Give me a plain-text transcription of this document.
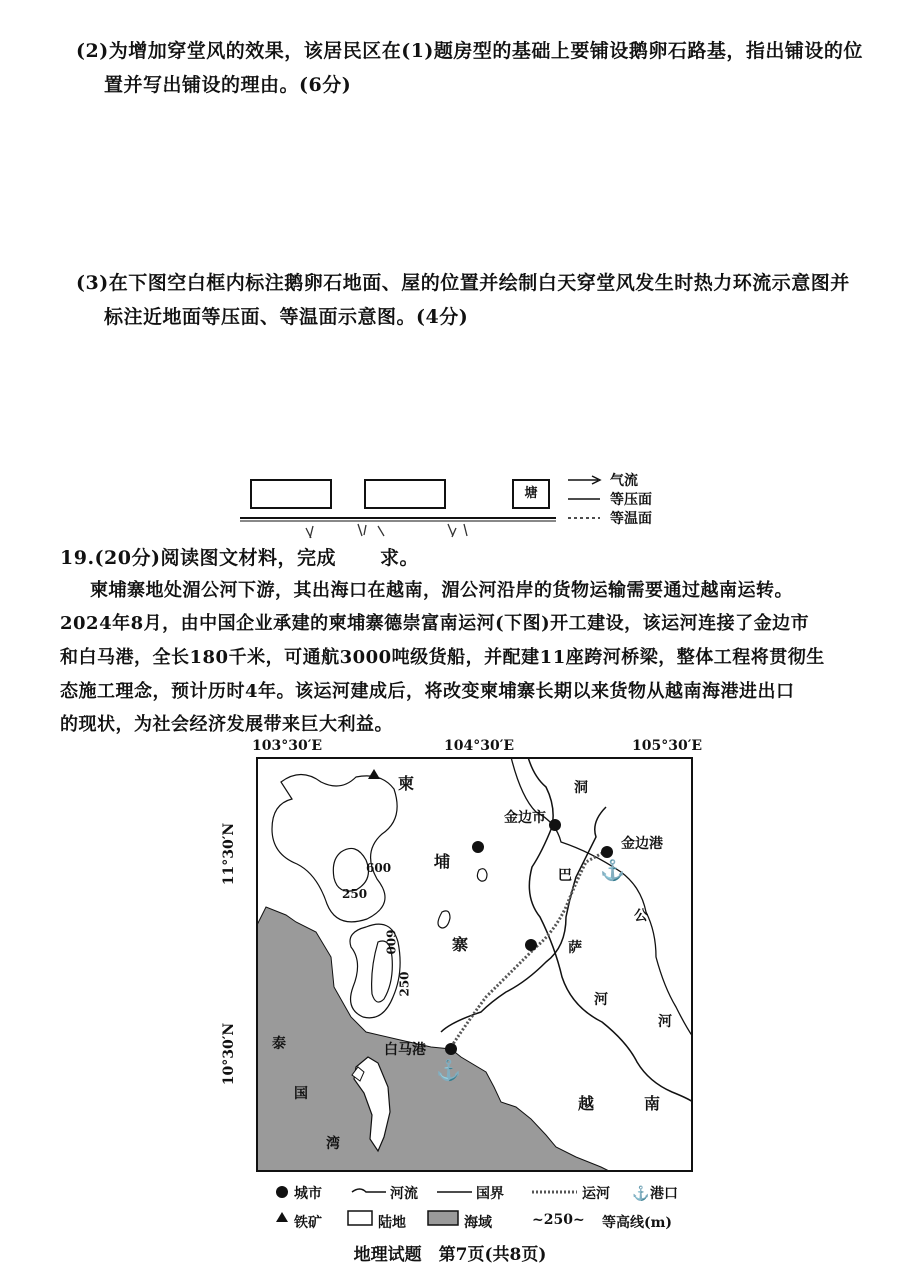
(2)为增加穿堂风的效果，该居民区在(1)题房型的基础上要铺设鹅卵石路基，指出铺设的位
置并写出铺设的理由。(6分)
(3)在下图空白框内标注鹅卵石地面、屋的位置并绘制白天穿堂风发生时热力环流示意图并
标注近地面等压面、等温面示意图。(4分)
塘
气流
等压面
等温面
19.(20分)阅读图文材料，完成 求。
柬埔寨地处湄公河下游，其出海口在越南，湄公河沿岸的货物运输需要通过越南运转。
2024年8月，由中国企业承建的柬埔寨德崇富南运河(下图)开工建设，该运河连接了金边市
和白马港，全长180千米，可通航3000吨级货船，并配建11座跨河桥梁，整体工程将贯彻生
态施工理念，预计历时4年。该运河建成后，将改变柬埔寨长期以来货物从越南海港进出口
的现状，为社会经济发展带来巨大利益。
103°30′E	104°30′E	105°30′E
11°30′N
10°30′N
⚓
⚓
柬
埔
寨
越	南
泰
国
湾
洞
公
河
巴
萨
河
金边市
金边港
白马港
600
250
600
250
⚓
城市	河流	国界	运河	港口
铁矿	陆地	海域	~250~ 等高线(m)
地理试题　第7页(共8页)
